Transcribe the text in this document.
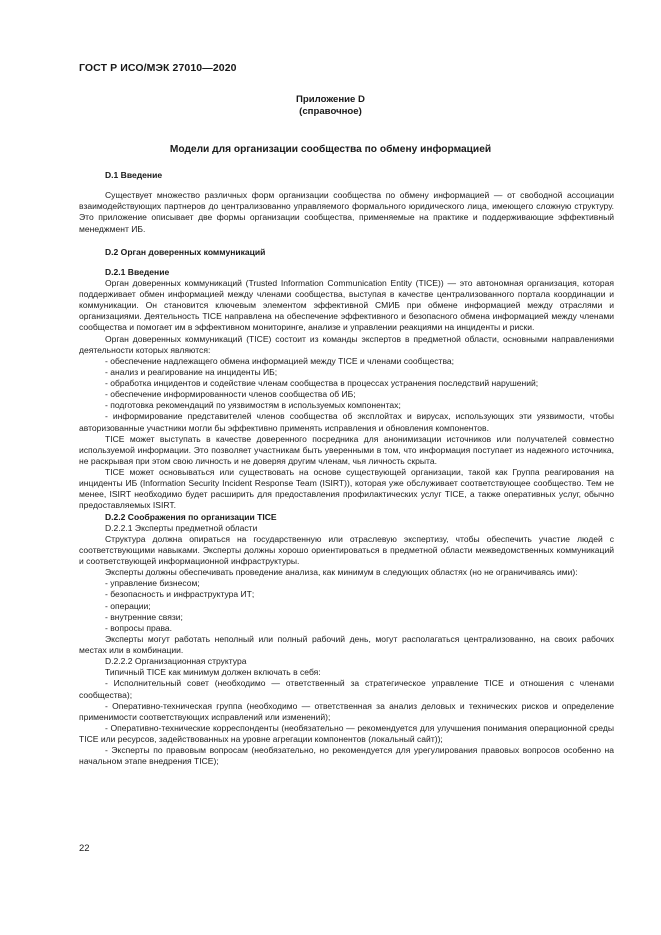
ГОСТ Р ИСО/МЭК 27010—2020
Приложение D
(справочное)
Модели для организации сообщества по обмену информацией

D.1 Введение

Существует множество различных форм организации сообщества по обмену информацией — от свободной ассоциации взаимодействующих партнеров до централизованно управляемого формального юридического лица, имеющего сложную структуру. Это приложение описывает две формы организации сообщества, применяемые на практике и поддерживающие эффективный менеджмент ИБ.

D.2 Орган доверенных коммуникаций

D.2.1 Введение

Орган доверенных коммуникаций (Trusted Information Communication Entity (TICE)) — это автономная организация, которая поддерживает обмен информацией между членами сообщества, выступая в качестве централизованного портала координации и коммуникации. Он становится ключевым элементом эффективной СМИБ при обмене информацией между отраслями и организациями. Деятельность TICE направлена на обеспечение эффективного и безопасного обмена информацией между членами сообщества и помогает им в эффективном мониторинге, анализе и управлении реакциями на инциденты и риски.

Орган доверенных коммуникаций (TICE) состоит из команды экспертов в предметной области, основными направлениями деятельности которых являются:

- обеспечение надлежащего обмена информацией между TICE и членами сообщества;

- анализ и реагирование на инциденты ИБ;

- обработка инцидентов и содействие членам сообщества в процессах устранения последствий нарушений;

- обеспечение информированности членов сообщества об ИБ;

- подготовка рекомендаций по уязвимостям в используемых компонентах;

- информирование представителей членов сообщества об эксплойтах и вирусах, использующих эти уязвимости, чтобы авторизованные участники могли бы эффективно применять исправления и обновления компонентов.

TICE может выступать в качестве доверенного посредника для анонимизации источников или получателей совместно используемой информации. Это позволяет участникам быть уверенными в том, что информация поступает из надежного источника, не раскрывая при этом свою личность и не доверяя другим членам, чья личность скрыта.

TICE может основываться или существовать на основе существующей организации, такой как Группа реагирования на инциденты ИБ (Information Security Incident Response Team (ISIRT)), которая уже обслуживает соответствующее сообщество. Тем не менее, ISIRT необходимо будет расширить для предоставления профилактических услуг TICE, а также оперативных услуг, обычно предоставляемых ISIRT.

D.2.2 Соображения по организации TICE

D.2.2.1 Эксперты предметной области

Структура должна опираться на государственную или отраслевую экспертизу, чтобы обеспечить участие людей с соответствующими навыками. Эксперты должны хорошо ориентироваться в предметной области межведомственных коммуникаций и соответствующей информационной инфраструктуры.

Эксперты должны обеспечивать проведение анализа, как минимум в следующих областях (но не ограничиваясь ими):

- управление бизнесом;

- безопасность и инфраструктура ИТ;

- операции;

- внутренние связи;

- вопросы права.

Эксперты могут работать неполный или полный рабочий день, могут располагаться централизованно, на своих рабочих местах или в комбинации.

D.2.2.2 Организационная структура

Типичный TICE как минимум должен включать в себя:

- Исполнительный совет (необходимо — ответственный за стратегическое управление TICE и отношения с членами сообщества);

- Оперативно-техническая группа (необходимо — ответственная за анализ деловых и технических рисков и определение применимости соответствующих исправлений или изменений);

- Оперативно-технические корреспонденты (необязательно — рекомендуется для улучшения понимания операционной среды TICE или ресурсов, задействованных на уровне агрегации компонентов (локальный сайт));

- Эксперты по правовым вопросам (необязательно, но рекомендуется для урегулирования правовых вопросов особенно на начальном этапе внедрения TICE);

22
